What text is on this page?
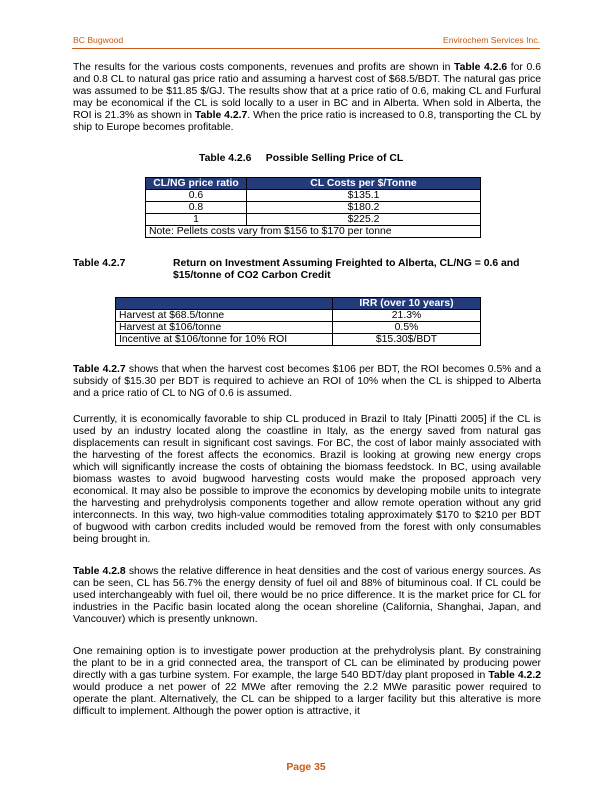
BC Bugwood	Envirochem Services Inc.

The results for the various costs components, revenues and profits are shown in Table 4.2.6 for 0.6 and 0.8 CL to natural gas price ratio and assuming a harvest cost of $68.5/BDT. The natural gas price was assumed to be $11.85 $/GJ. The results show that at a price ratio of 0.6, making CL and Furfural may be economical if the CL is sold locally to a user in BC and in Alberta. When sold in Alberta, the ROI is 21.3% as shown in Table 4.2.7. When the price ratio is increased to 0.8, transporting the CL by ship to Europe becomes profitable.

Table 4.2.6     Possible Selling Price of CL
CL/NG price ratio	CL Costs per $/Tonne
0.6	$135.1
0.8	$180.2
1	$225.2
Note: Pellets costs vary from $156 to $170 per tonne	
Table 4.2.7	Return on Investment Assuming Freighted to Alberta, CL/NG = 0.6 and $15/tonne of CO2 Carbon Credit
	IRR (over 10 years)
Harvest at $68.5/tonne	21.3%
Harvest at $106/tonne	0.5%
Incentive at $106/tonne for 10% ROI	$15.30$/BDT

Table 4.2.7 shows that when the harvest cost becomes $106 per BDT, the ROI becomes 0.5% and a subsidy of $15.30 per BDT is required to achieve an ROI of 10% when the CL is shipped to Alberta and a price ratio of CL to NG of 0.6 is assumed.

Currently, it is economically favorable to ship CL produced in Brazil to Italy [Pinatti 2005] if the CL is used by an industry located along the coastline in Italy, as the energy saved from natural gas displacements can result in significant cost savings. For BC, the cost of labor mainly associated with the harvesting of the forest affects the economics. Brazil is looking at growing new energy crops which will significantly increase the costs of obtaining the biomass feedstock. In BC, using available biomass wastes to avoid bugwood harvesting costs would make the proposed approach very economical. It may also be possible to improve the economics by developing mobile units to integrate the harvesting and prehydrolysis components together and allow remote operation without any grid interconnects. In this way, two high-value commodities totaling approximately $170 to $210 per BDT of bugwood with carbon credits included would be removed from the forest with only consumables being brought in.

Table 4.2.8 shows the relative difference in heat densities and the cost of various energy sources. As can be seen, CL has 56.7% the energy density of fuel oil and 88% of bituminous coal. If CL could be used interchangeably with fuel oil, there would be no price difference. It is the market price for CL for industries in the Pacific basin located along the ocean shoreline (California, Shanghai, Japan, and Vancouver) which is presently unknown.

One remaining option is to investigate power production at the prehydrolysis plant. By constraining the plant to be in a grid connected area, the transport of CL can be eliminated by producing power directly with a gas turbine system. For example, the large 540 BDT/day plant proposed in Table 4.2.2 would produce a net power of 22 MWe after removing the 2.2 MWe parasitic power required to operate the plant. Alternatively, the CL can be shipped to a larger facility but this alterative is more difficult to implement. Although the power option is attractive, it

Page 35
